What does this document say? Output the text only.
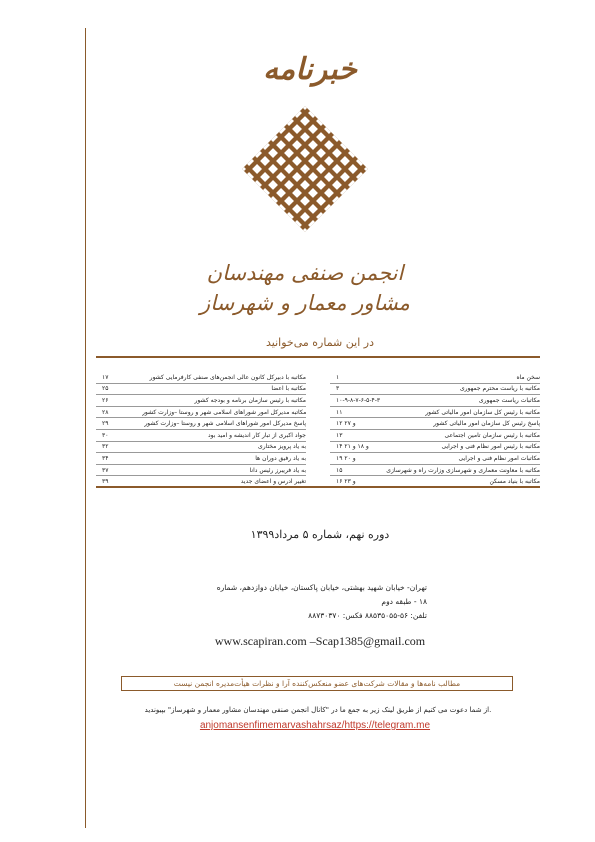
خبرنامه
انجمن صنفی مهندسان مشاور معمار و شهرساز
در این شماره می‌خوانید
سخن ماه
۱
مکاتبه با ریاست محترم جمهوری
۳
مکاتبات ریاست جمهوری
۱۰-۹-۸-۷-۶-۵-۴-۳
مکاتبه با رئیس کل سازمان امور مالیاتی کشور
۱۱
پاسخ رئیس کل سازمان امور مالیاتی کشور
۱۲ و ۲۷
مکاتبه با رئیس سازمان تامین اجتماعی
۱۳
مکاتبه با رئیس امور نظام فنی و اجرایی
۱۴ و ۱۸ و ۲۱
مکاتبات امور نظام فنی و اجرایی
۱۹ و ۲۰
مکاتبه با معاونت معماری و شهرسازی وزارت راه و شهرسازی
۱۵
مکاتبه با بنیاد مسکن
۱۶ و ۲۳
مکاتبه با دبیرکل کانون عالی انجمن‌های صنفی کارفرمایی کشور
۱۷
مکاتبه با اعضا
۲۵
مکاتبه با رئیس سازمان برنامه و بودجه کشور
۲۶
مکاتبه مدیرکل امور شوراهای اسلامی شهر و روستا –وزارت کشور
۲۸
پاسخ مدیرکل امور شوراهای اسلامی شهر و روستا –وزارت کشور
۲۹
جواد اکبری از تبار کار اندیشه و امید بود
۳۰
به یاد پرویز مختاری
۳۲
به یاد رفیق دوران ها
۳۴
به یاد فریبرز رئیس دانا
۳۷
تغییر آدرس و اعضای جدید
۳۹
دوره نهم، شماره ۵ مرداد۱۳۹۹
تهران- خیابان شهید بهشتی، خیابان پاکستان، خیابان دوازدهم، شماره ۱۸ - طبقه دوم
تلفن: ۵۶-۸۸۵۳۵۰۵۵ فکس: ۸۸۷۳۰۳۷۰
www.scapiran.com –Scap1385@gmail.com
مطالب نامه‌ها و مقالات شرکت‌های عضو منعکس‌کننده آرا و نظرات هیأت‌مدیره انجمن نیست
از شما دعوت می کنیم از طریق لینک زیر به جمع ما در "کانال انجمن صنفی مهندسان مشاور معمار و شهرساز" بپیوندید.
anjomansenfimemarvashahrsaz/https://telegram.me
